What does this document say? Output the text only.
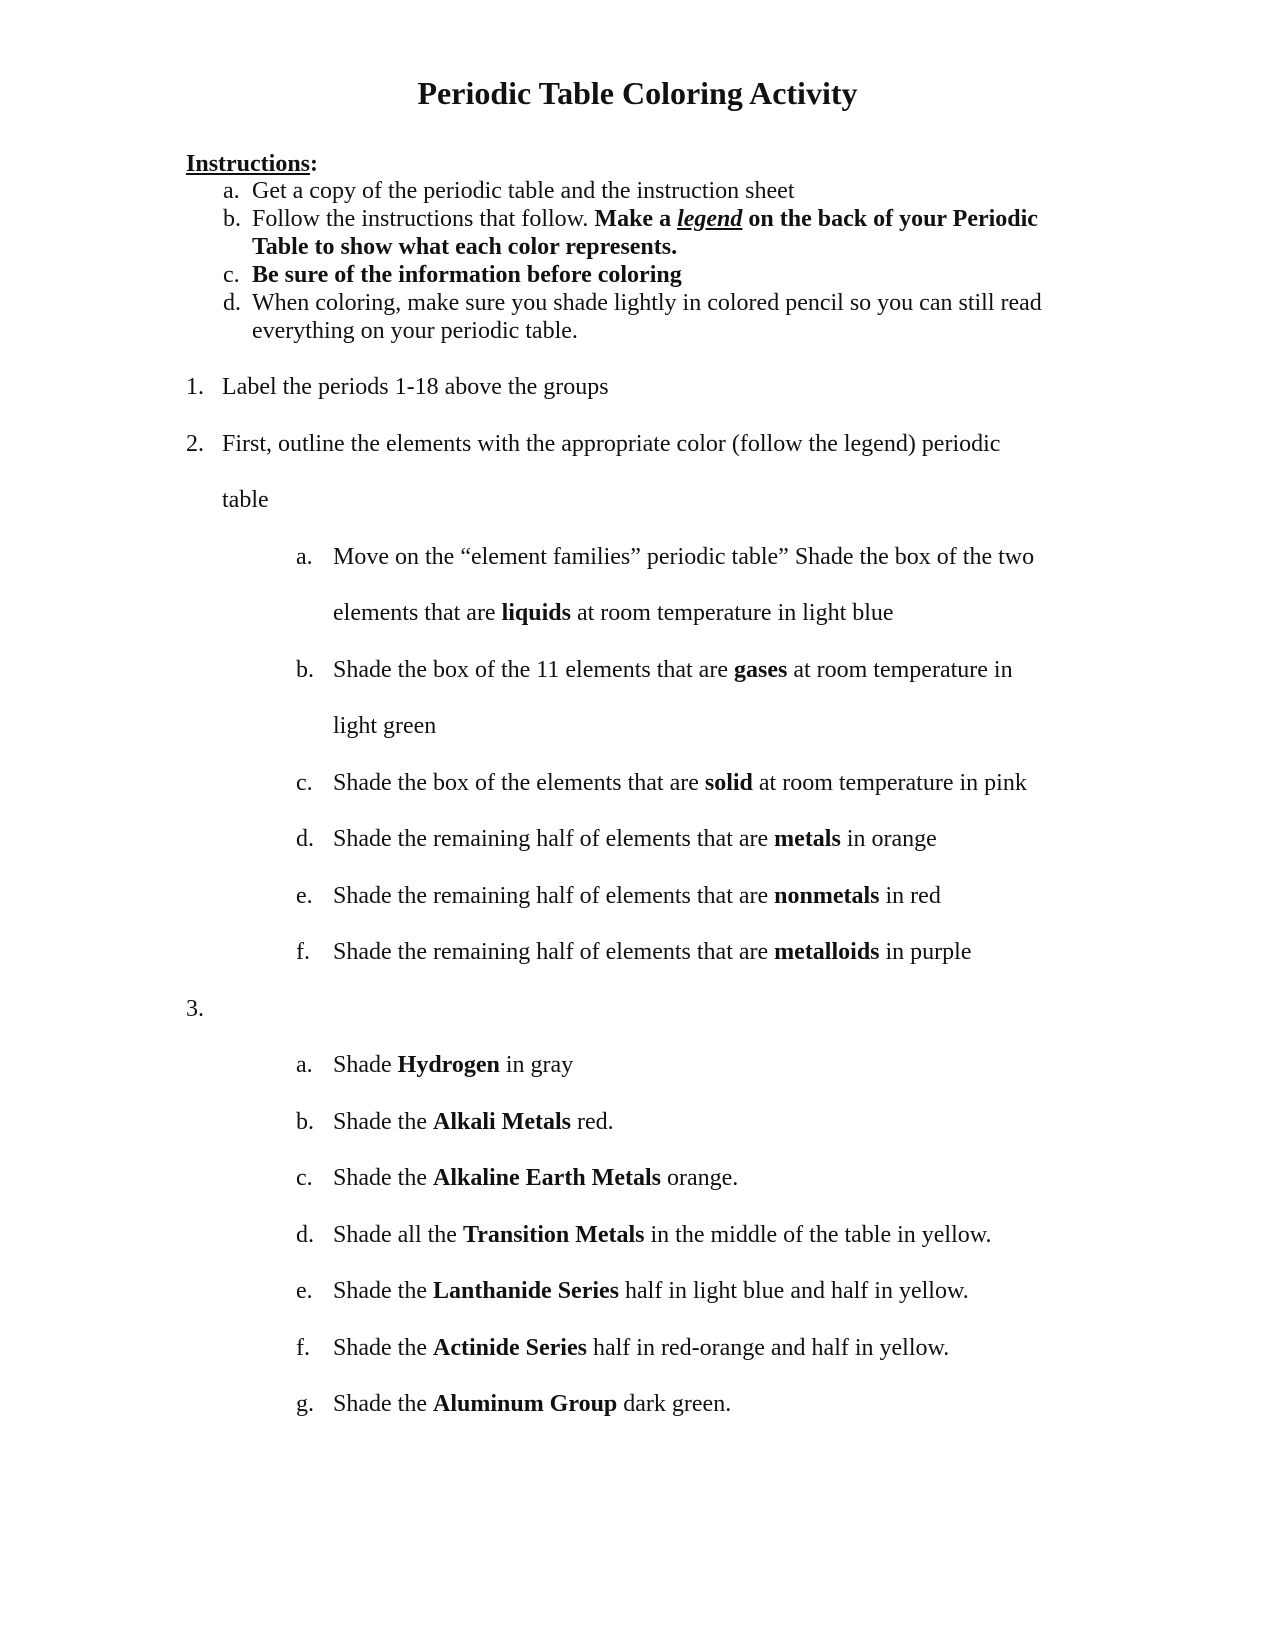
Periodic Table Coloring Activity
Instructions:
a. Get a copy of the periodic table and the instruction sheet
b. Follow the instructions that follow. Make a legend on the back of your Periodic
Table to show what each color represents.
c. Be sure of the information before coloring
d. When coloring, make sure you shade lightly in colored pencil so you can still read
everything on your periodic table.
1. Label the periods 1-18 above the groups
2. First, outline the elements with the appropriate color (follow the legend) periodic
table
a. Move on the “element families” periodic table” Shade the box of the two
elements that are liquids at room temperature in light blue
b. Shade the box of the 11 elements that are gases at room temperature in
light green
c. Shade the box of the elements that are solid at room temperature in pink
d. Shade the remaining half of elements that are metals in orange
e. Shade the remaining half of elements that are nonmetals in red
f. Shade the remaining half of elements that are metalloids in purple
3.
a. Shade Hydrogen in gray
b. Shade the Alkali Metals red.
c. Shade the Alkaline Earth Metals orange.
d. Shade all the Transition Metals in the middle of the table in yellow.
e. Shade the Lanthanide Series half in light blue and half in yellow.
f. Shade the Actinide Series half in red-orange and half in yellow.
g. Shade the Aluminum Group dark green.
